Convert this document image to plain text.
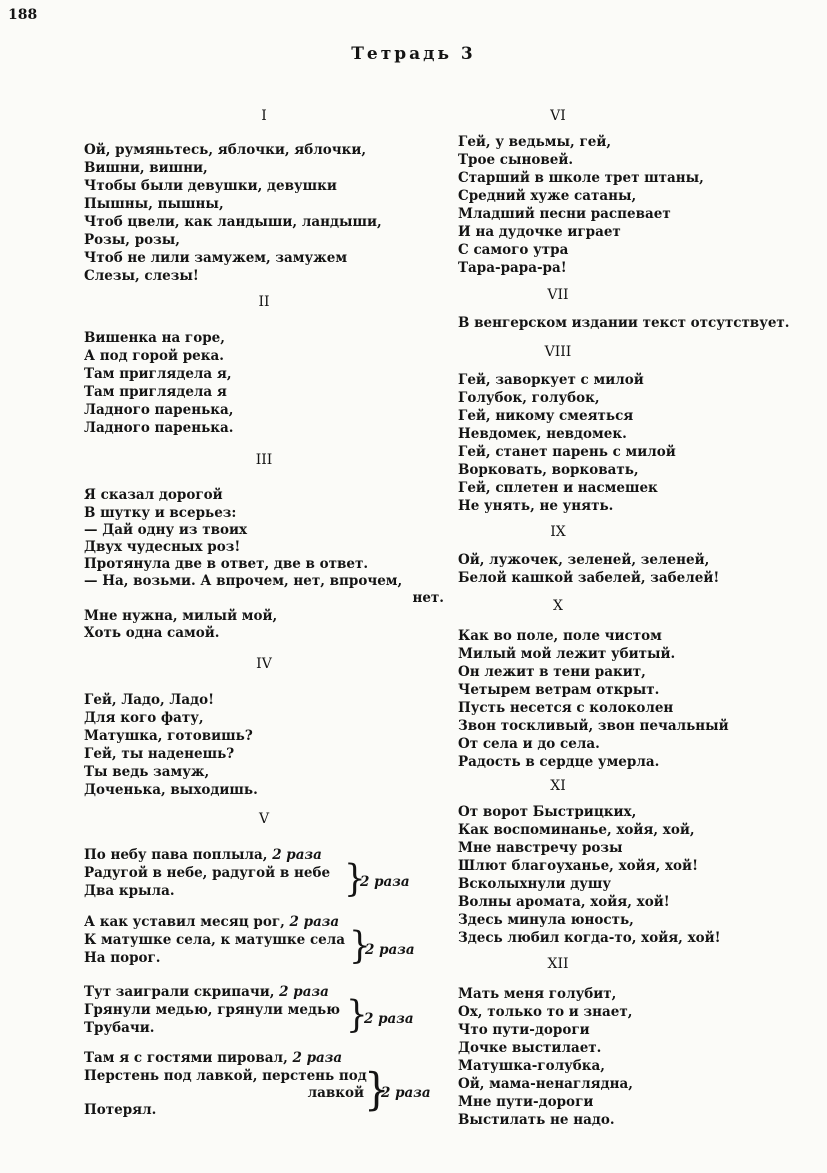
188
Тетрадь 3
I
Ой, румяньтесь, яблочки, яблочки,
Вишни, вишни,
Чтобы были девушки, девушки
Пышны, пышны,
Чтоб цвели, как ландыши, ландыши,
Розы, розы,
Чтоб не лили замужем, замужем
Слезы, слезы!
II
Вишенка на горе,
А под горой река.
Там приглядела я,
Там приглядела я
Ладного паренька,
Ладного паренька.
III
Я сказал дорогой
В шутку и всерьез:
— Дай одну из твоих
Двух чудесных роз!
Протянула две в ответ, две в ответ.
— На, возьми. А впрочем, нет, впрочем,
нет.
Мне нужна, милый мой,
Хоть одна самой.
IV
Гей, Ладо, Ладо!
Для кого фату,
Матушка, готовишь?
Гей, ты наденешь?
Ты ведь замуж,
Доченька, выходишь.
V
По небу пава поплыла, 2 раза
Радугой в небе, радугой в небе
Два крыла.	}
2 раза
А как уставил месяц рог, 2 раза
К матушке села, к матушке села
На порог.	}
2 раза
Тут заиграли скрипачи, 2 раза
Грянули медью, грянули медью
Трубачи.	}
2 раза
Там я с гостями пировал, 2 раза
Перстень под лавкой, перстень под
лавкой
Потерял.	}
2 раза
VI
Гей, у ведьмы, гей,
Трое сыновей.
Старший в школе трет штаны,
Средний хуже сатаны,
Младший песни распевает
И на дудочке играет
С самого утра
Тара-рара-ра!
VII
В венгерском издании текст отсутствует.
VIII
Гей, заворкует с милой
Голубок, голубок,
Гей, никому смеяться
Невдомек, невдомек.
Гей, станет парень с милой
Ворковать, ворковать,
Гей, сплетен и насмешек
Не унять, не унять.
IX
Ой, лужочек, зеленей, зеленей,
Белой кашкой забелей, забелей!
X
Как во поле, поле чистом
Милый мой лежит убитый.
Он лежит в тени ракит,
Четырем ветрам открыт.
Пусть несется с колоколен
Звон тоскливый, звон печальный
От села и до села.
Радость в сердце умерла.
XI
От ворот Быстрицких,
Как воспоминанье, хойя, хой,
Мне навстречу розы
Шлют благоуханье, хойя, хой!
Всколыхнули душу
Волны аромата, хойя, хой!
Здесь минула юность,
Здесь любил когда-то, хойя, хой!
XII
Мать меня голубит,
Ох, только то и знает,
Что пути-дороги
Дочке выстилает.
Матушка-голубка,
Ой, мама-ненаглядна,
Мне пути-дороги
Выстилать не надо.
